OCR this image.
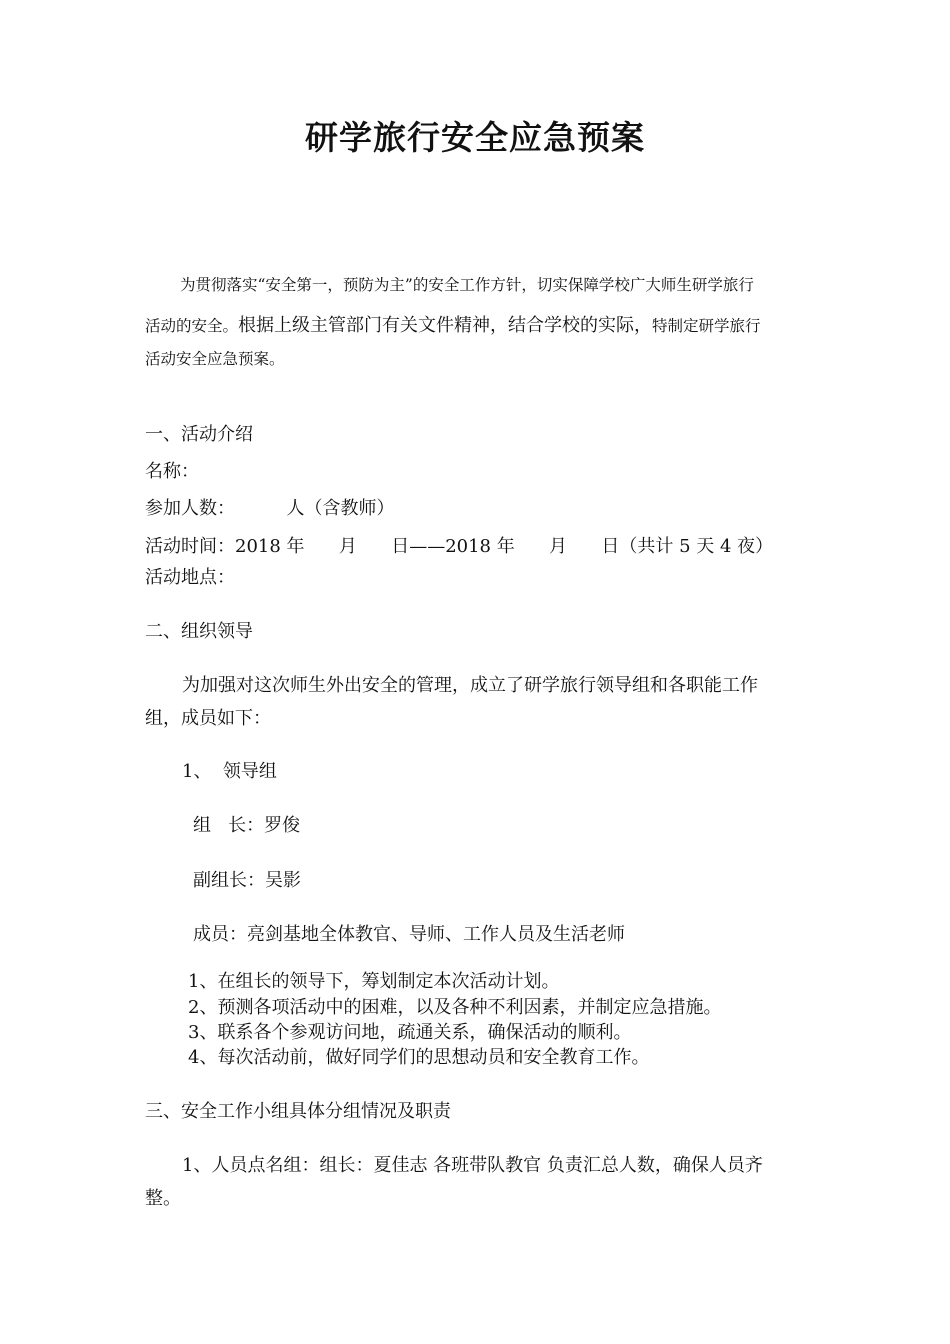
研学旅行安全应急预案
为贯彻落实“安全第一，预防为主”的安全工作方针，切实保障学校广大师生研学旅行
活动的安全。根据上级主管部门有关文件精神，结合学校的实际，特制定研学旅行
活动安全应急预案。
一、活动介绍
名称：
参加人数：         人（含教师）
活动时间：2018 年      月      日——2018 年      月      日（共计 5 天 4 夜）
活动地点：
二、组织领导
为加强对这次师生外出安全的管理，成立了研学旅行领导组和各职能工作
组，成员如下：
1、  领导组
组   长：罗俊
副组长：吴影
成员：亮剑基地全体教官、导师、工作人员及生活老师
1、在组长的领导下，筹划制定本次活动计划。
2、预测各项活动中的困难，以及各种不利因素，并制定应急措施。
3、联系各个参观访问地，疏通关系，确保活动的顺利。
4、每次活动前，做好同学们的思想动员和安全教育工作。
三、安全工作小组具体分组情况及职责
1、人员点名组：组长：夏佳志 各班带队教官 负责汇总人数，确保人员齐
整。
